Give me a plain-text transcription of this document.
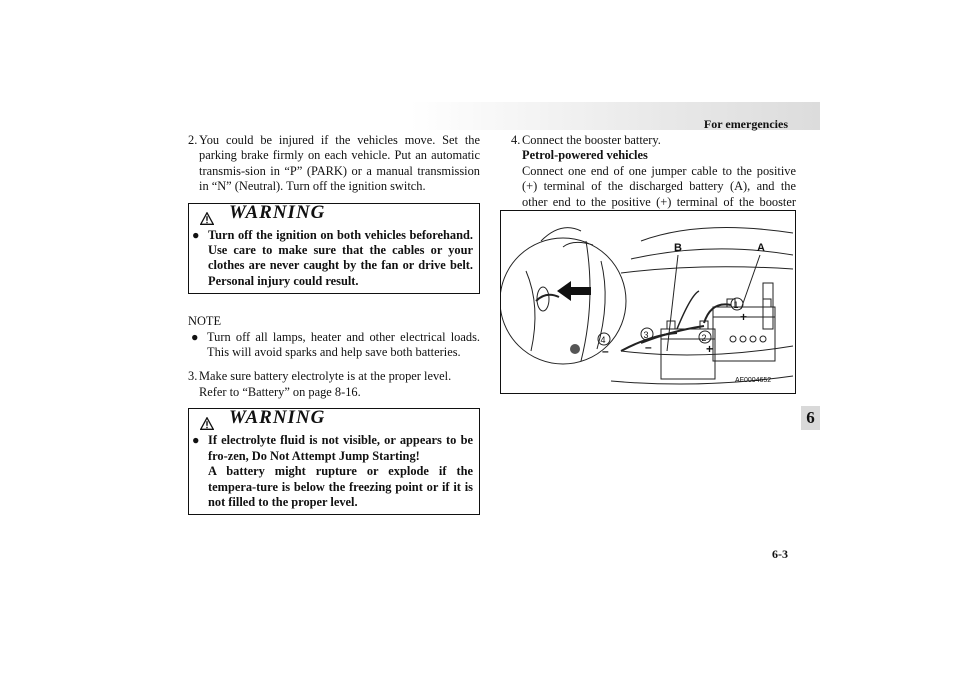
For emergencies
6
6-3
2. You could be injured if the vehicles move. Set the parking brake firmly on each vehicle. Put an automatic transmis-sion in “P” (PARK) or a manual transmission in “N” (Neutral). Turn off the ignition switch.
WARNING
● Turn off the ignition on both vehicles beforehand. Use care to make sure that the cables or your clothes are never caught by the fan or drive belt. Personal injury could result.
NOTE
● Turn off all lamps, heater and other electrical loads. This will avoid sparks and help save both batteries.
3. Make sure battery electrolyte is at the proper level.
Refer to “Battery” on page 8-16.
WARNING
● If electrolyte fluid is not visible, or appears to be fro-zen, Do Not Attempt Jump Starting!
A battery might rupture or explode if the tempera-ture is below the freezing point or if it is not filled to the proper level.
4. Connect the booster battery.
Petrol-powered vehicles
Connect one end of one jumper cable to the positive (+) terminal of the discharged battery (A), and the other end to the positive (+) terminal of the booster
B	A
1
2
3
4
+
+
–
–
AF0004652
